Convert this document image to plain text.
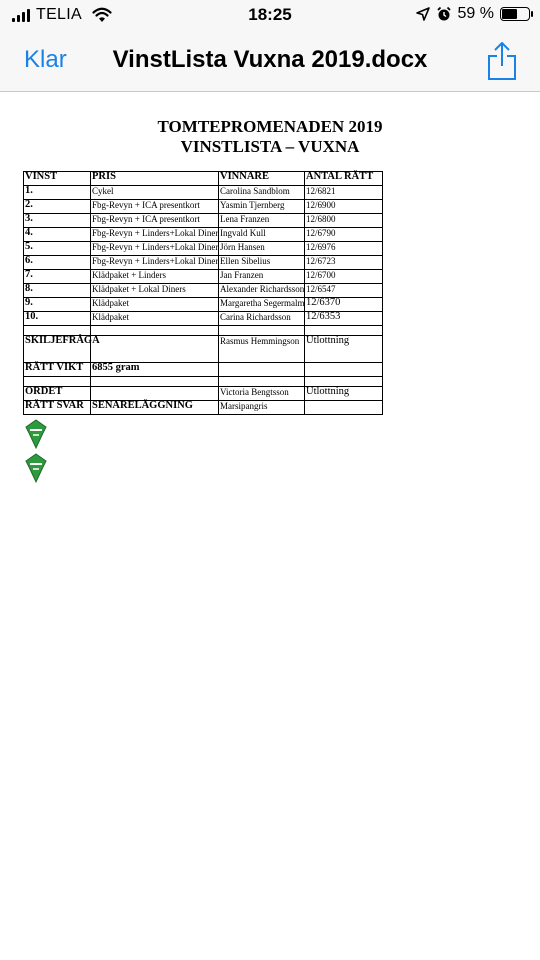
TELIA	18:25	59 %
Klar	VinstLista Vuxna 2019.docx
TOMTEPROMENADEN 2019
VINSTLISTA – VUXNA
VINST	PRIS	VINNARE	ANTAL RÄTT
1.	Cykel	Carolina Sandblom	12/6821
2.	Fbg-Revyn + ICA presentkort	Yasmin Tjernberg	12/6900
3.	Fbg-Revyn + ICA presentkort	Lena Franzen	12/6800
4.	Fbg-Revyn + Linders+Lokal Diner	Ingvald Kull	12/6790
5.	Fbg-Revyn + Linders+Lokal Diner	Jörn Hansen	12/6976
6.	Fbg-Revyn + Linders+Lokal Diner	Ellen Sibelius	12/6723
7.	Klädpaket + Linders	Jan Franzen	12/6700
8.	Klädpaket + Lokal Diners	Alexander Richardsson	12/6547
9.	Klädpaket	Margaretha Segermalm	12/6370
10.	Klädpaket	Carina Richardsson	12/6353

SKILJEFRÅGA		Rasmus Hemmingson	Utlottning
RÄTT VIKT	6855 gram		

ORDET		Victoria Bengtsson	Utlottning
RÄTT SVAR	SENARELÄGGNING	Marsipangris	
